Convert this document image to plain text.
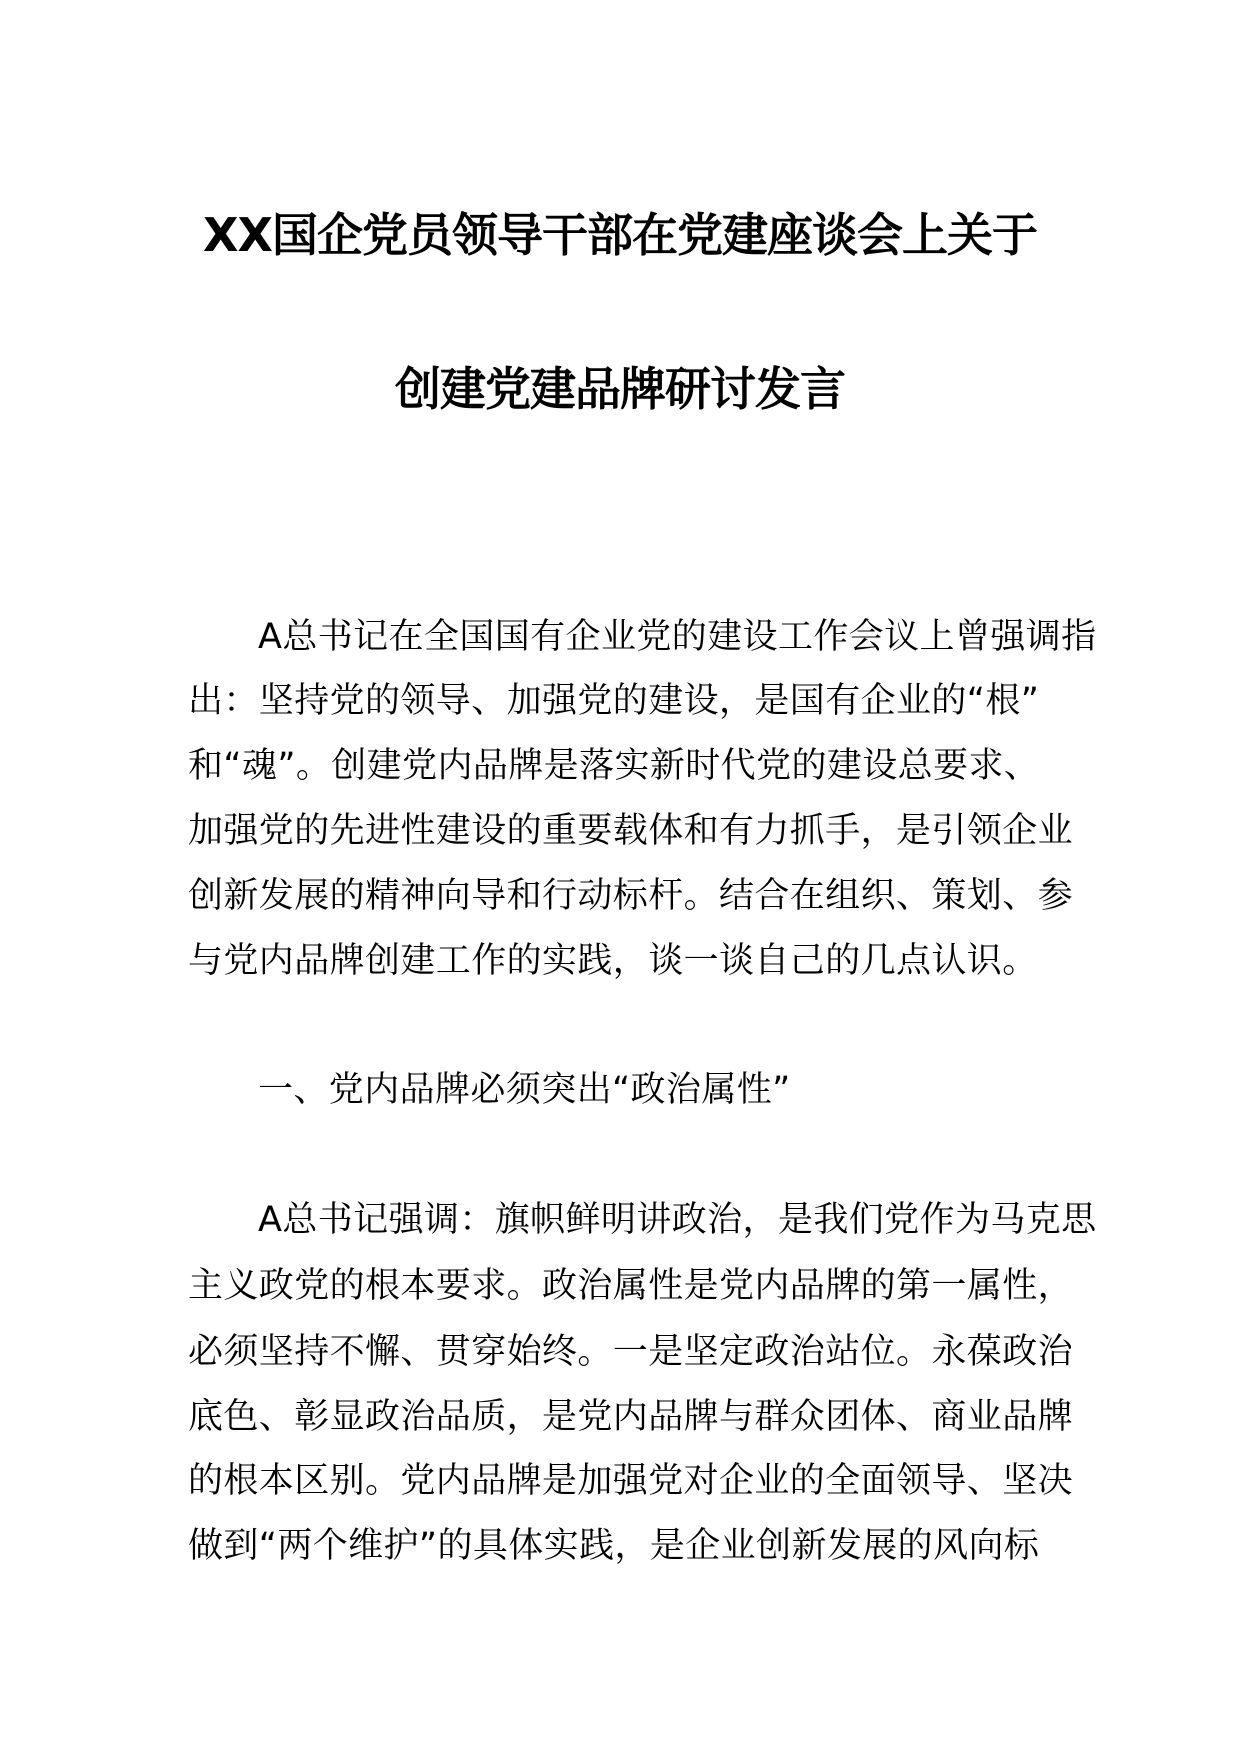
XX国企党员领导干部在党建座谈会上关于
创建党建品牌研讨发言
A总书记在全国国有企业党的建设工作会议上曾强调指
出：坚持党的领导、加强党的建设，是国有企业的“根”
和“魂”。创建党内品牌是落实新时代党的建设总要求、
加强党的先进性建设的重要载体和有力抓手，是引领企业
创新发展的精神向导和行动标杆。结合在组织、策划、参
与党内品牌创建工作的实践，谈一谈自己的几点认识。
一、党内品牌必须突出“政治属性”
A总书记强调：旗帜鲜明讲政治，是我们党作为马克思
主义政党的根本要求。政治属性是党内品牌的第一属性，
必须坚持不懈、贯穿始终。一是坚定政治站位。永葆政治
底色、彰显政治品质，是党内品牌与群众团体、商业品牌
的根本区别。党内品牌是加强党对企业的全面领导、坚决
做到“两个维护”的具体实践，是企业创新发展的风向标
